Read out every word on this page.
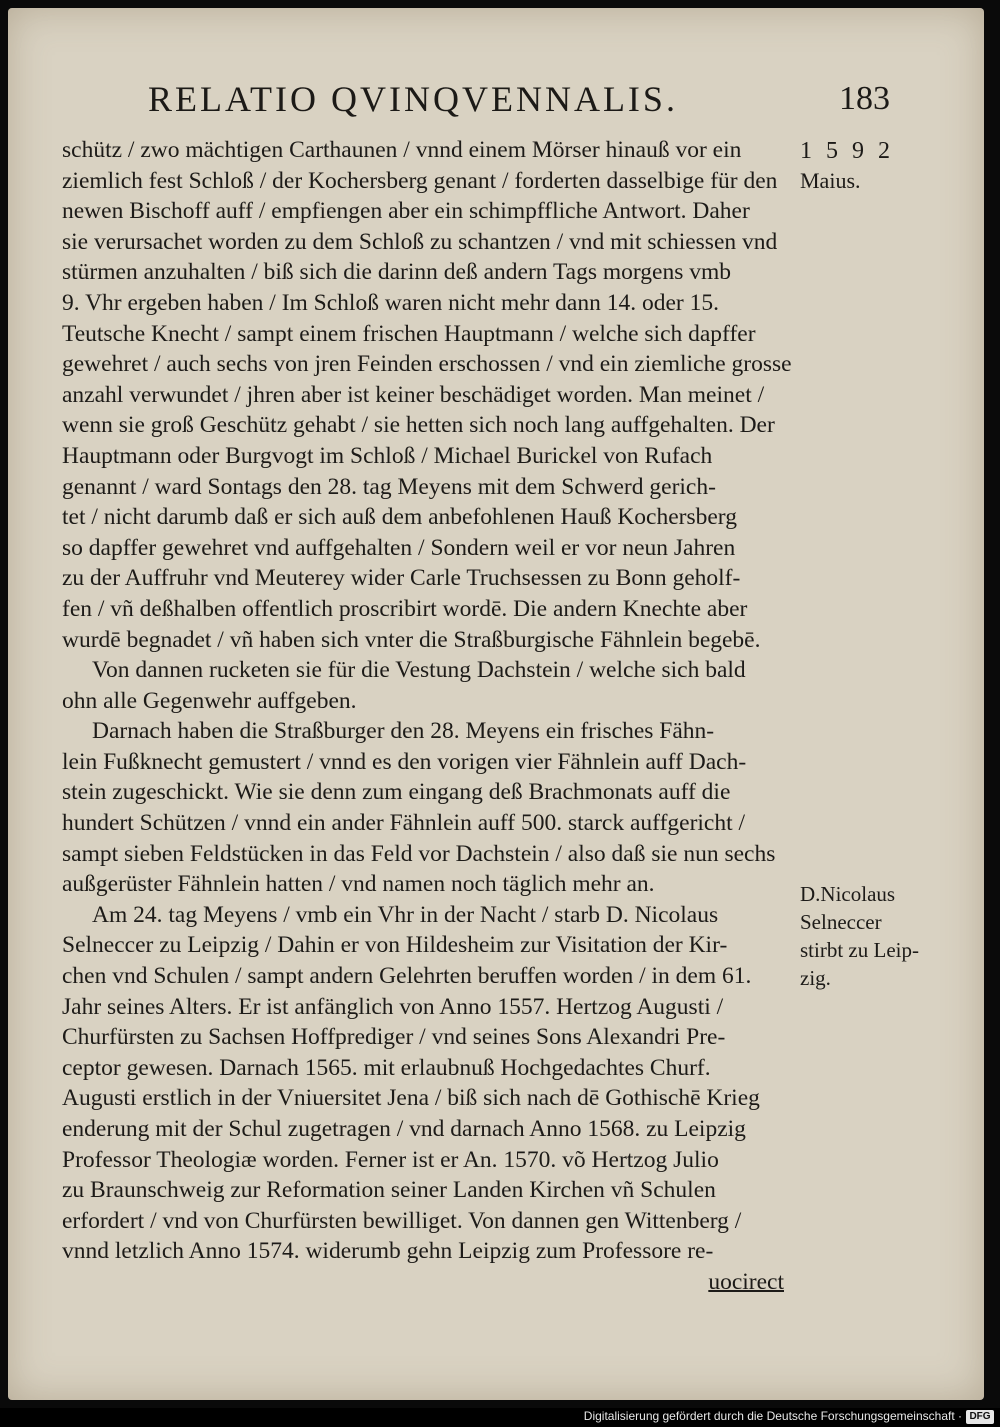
RELATIO QVINQVENNALIS.	183
1592
Maius.
D.Nicolaus
Selneccer
stirbt zu Leip-
zig.
schütz / zwo mächtigen Carthaunen / vnnd einem Mörser hinauß vor ein
ziemlich fest Schloß / der Kochersberg genant / forderten dasselbige für den
newen Bischoff auff / empfiengen aber ein schimpffliche Antwort. Daher
sie verursachet worden zu dem Schloß zu schantzen / vnd mit schiessen vnd
stürmen anzuhalten / biß sich die darinn deß andern Tags morgens vmb
9. Vhr ergeben haben / Im Schloß waren nicht mehr dann 14. oder 15.
Teutsche Knecht / sampt einem frischen Hauptmann / welche sich dapffer
gewehret / auch sechs von jren Feinden erschossen / vnd ein ziemliche grosse
anzahl verwundet / jhren aber ist keiner beschädiget worden. Man meinet /
wenn sie groß Geschütz gehabt / sie hetten sich noch lang auffgehalten. Der
Hauptmann oder Burgvogt im Schloß / Michael Burickel von Rufach
genannt / ward Sontags den 28. tag Meyens mit dem Schwerd gerich-
tet / nicht darumb daß er sich auß dem anbefohlenen Hauß Kochersberg
so dapffer gewehret vnd auffgehalten / Sondern weil er vor neun Jahren
zu der Auffruhr vnd Meuterey wider Carle Truchsessen zu Bonn geholf-
fen / vñ deßhalben offentlich proscribirt wordē. Die andern Knechte aber
wurdē begnadet / vñ haben sich vnter die Straßburgische Fähnlein begebē.
Von dannen rucketen sie für die Vestung Dachstein / welche sich bald
ohn alle Gegenwehr auffgeben.
Darnach haben die Straßburger den 28. Meyens ein frisches Fähn-
lein Fußknecht gemustert / vnnd es den vorigen vier Fähnlein auff Dach-
stein zugeschickt. Wie sie denn zum eingang deß Brachmonats auff die
hundert Schützen / vnnd ein ander Fähnlein auff 500. starck auffgericht /
sampt sieben Feldstücken in das Feld vor Dachstein / also daß sie nun sechs
außgerüster Fähnlein hatten / vnd namen noch täglich mehr an.
Am 24. tag Meyens / vmb ein Vhr in der Nacht / starb D. Nicolaus
Selneccer zu Leipzig / Dahin er von Hildesheim zur Visitation der Kir-
chen vnd Schulen / sampt andern Gelehrten beruffen worden / in dem 61.
Jahr seines Alters. Er ist anfänglich von Anno 1557. Hertzog Augusti /
Churfürsten zu Sachsen Hoffprediger / vnd seines Sons Alexandri Pre-
ceptor gewesen. Darnach 1565. mit erlaubnuß Hochgedachtes Churf.
Augusti erstlich in der Vniuersitet Jena / biß sich nach dē Gothischē Krieg
enderung mit der Schul zugetragen / vnd darnach Anno 1568. zu Leipzig
Professor Theologiæ worden. Ferner ist er An. 1570. võ Hertzog Julio
zu Braunschweig zur Reformation seiner Landen Kirchen vñ Schulen
erfordert / vnd von Churfürsten bewilliget. Von dannen gen Wittenberg /
vnnd letzlich Anno 1574. widerumb gehn Leipzig zum Professore re-
uocirect
Digitalisierung gefördert durch die Deutsche Forschungsgemeinschaft · DFG
